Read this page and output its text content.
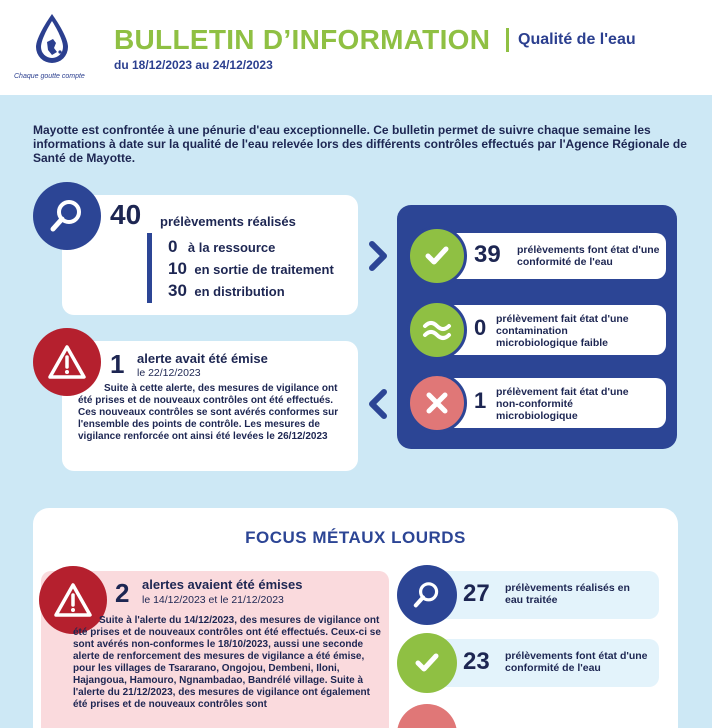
Chaque goutte compte
BULLETIN D’INFORMATION Qualité de l'eau
du 18/12/2023 au 24/12/2023
Mayotte est confrontée à une pénurie d'eau exceptionnelle. Ce bulletin permet de suivre chaque semaine les informations à date sur la qualité de l'eau relevée lors des différents contrôles effectués par l'Agence Régionale de Santé de Mayotte.
40 prélèvements réalisés
0 à la ressource
10 en sortie de traitement
30 en distribution
39 prélèvements font état d'une conformité de l'eau
0 prélèvement fait état d'une contamination microbiologique faible
1 prélèvement fait état d'une non-conformité microbiologique
1 alerte avait été émise
le 22/12/2023
Suite à cette alerte, des mesures de vigilance ont été prises et de nouveaux contrôles ont été effectués. Ces nouveaux contrôles se sont avérés conformes sur l'ensemble des points de contrôle. Les mesures de vigilance renforcée ont ainsi été levées le 26/12/2023
FOCUS MÉTAUX LOURDS
2 alertes avaient été émises
le 14/12/2023 et le 21/12/2023
Suite à l'alerte du 14/12/2023, des mesures de vigilance ont été prises et de nouveaux contrôles ont été effectués. Ceux-ci se sont avérés non-conformes le 18/10/2023, aussi une seconde alerte de renforcement des mesures de vigilance a été émise, pour les villages de Tsararano, Ongojou, Dembeni, Iloni, Hajangoua, Hamouro, Ngnambadao, Bandrélé village. Suite à l'alerte du 21/12/2023, des mesures de vigilance ont également été prises et de nouveaux contrôles sont
27 prélèvements réalisés en eau traitée
23 prélèvements font état d'une conformité de l'eau
